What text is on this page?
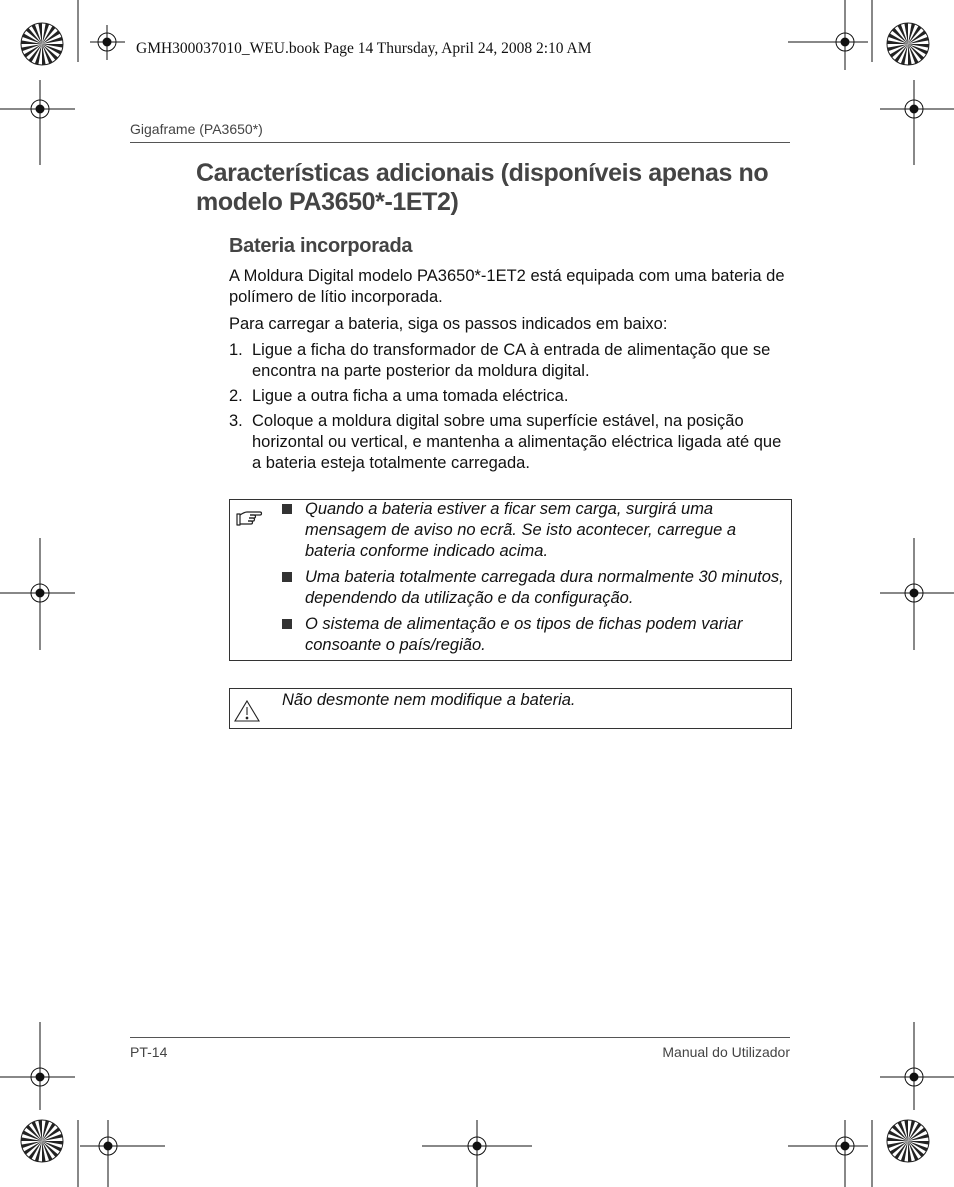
GMH300037010_WEU.book Page 14 Thursday, April 24, 2008 2:10 AM
Gigaframe (PA3650*)
Características adicionais (disponíveis apenas no modelo PA3650*-1ET2)
Bateria incorporada
A Moldura Digital modelo PA3650*-1ET2 está equipada com uma bateria de polímero de lítio incorporada.
Para carregar a bateria, siga os passos indicados em baixo:
1. Ligue a ficha do transformador de CA à entrada de alimentação que se encontra na parte posterior da moldura digital.
2. Ligue a outra ficha a uma tomada eléctrica.
3. Coloque a moldura digital sobre uma superfície estável, na posição horizontal ou vertical, e mantenha a alimentação eléctrica ligada até que a bateria esteja totalmente carregada.
Quando a bateria estiver a ficar sem carga, surgirá uma mensagem de aviso no ecrã. Se isto acontecer, carregue a bateria conforme indicado acima.
Uma bateria totalmente carregada dura normalmente 30 minutos, dependendo da utilização e da configuração.
O sistema de alimentação e os tipos de fichas podem variar consoante o país/região.
Não desmonte nem modifique a bateria.
PT-14	Manual do Utilizador
